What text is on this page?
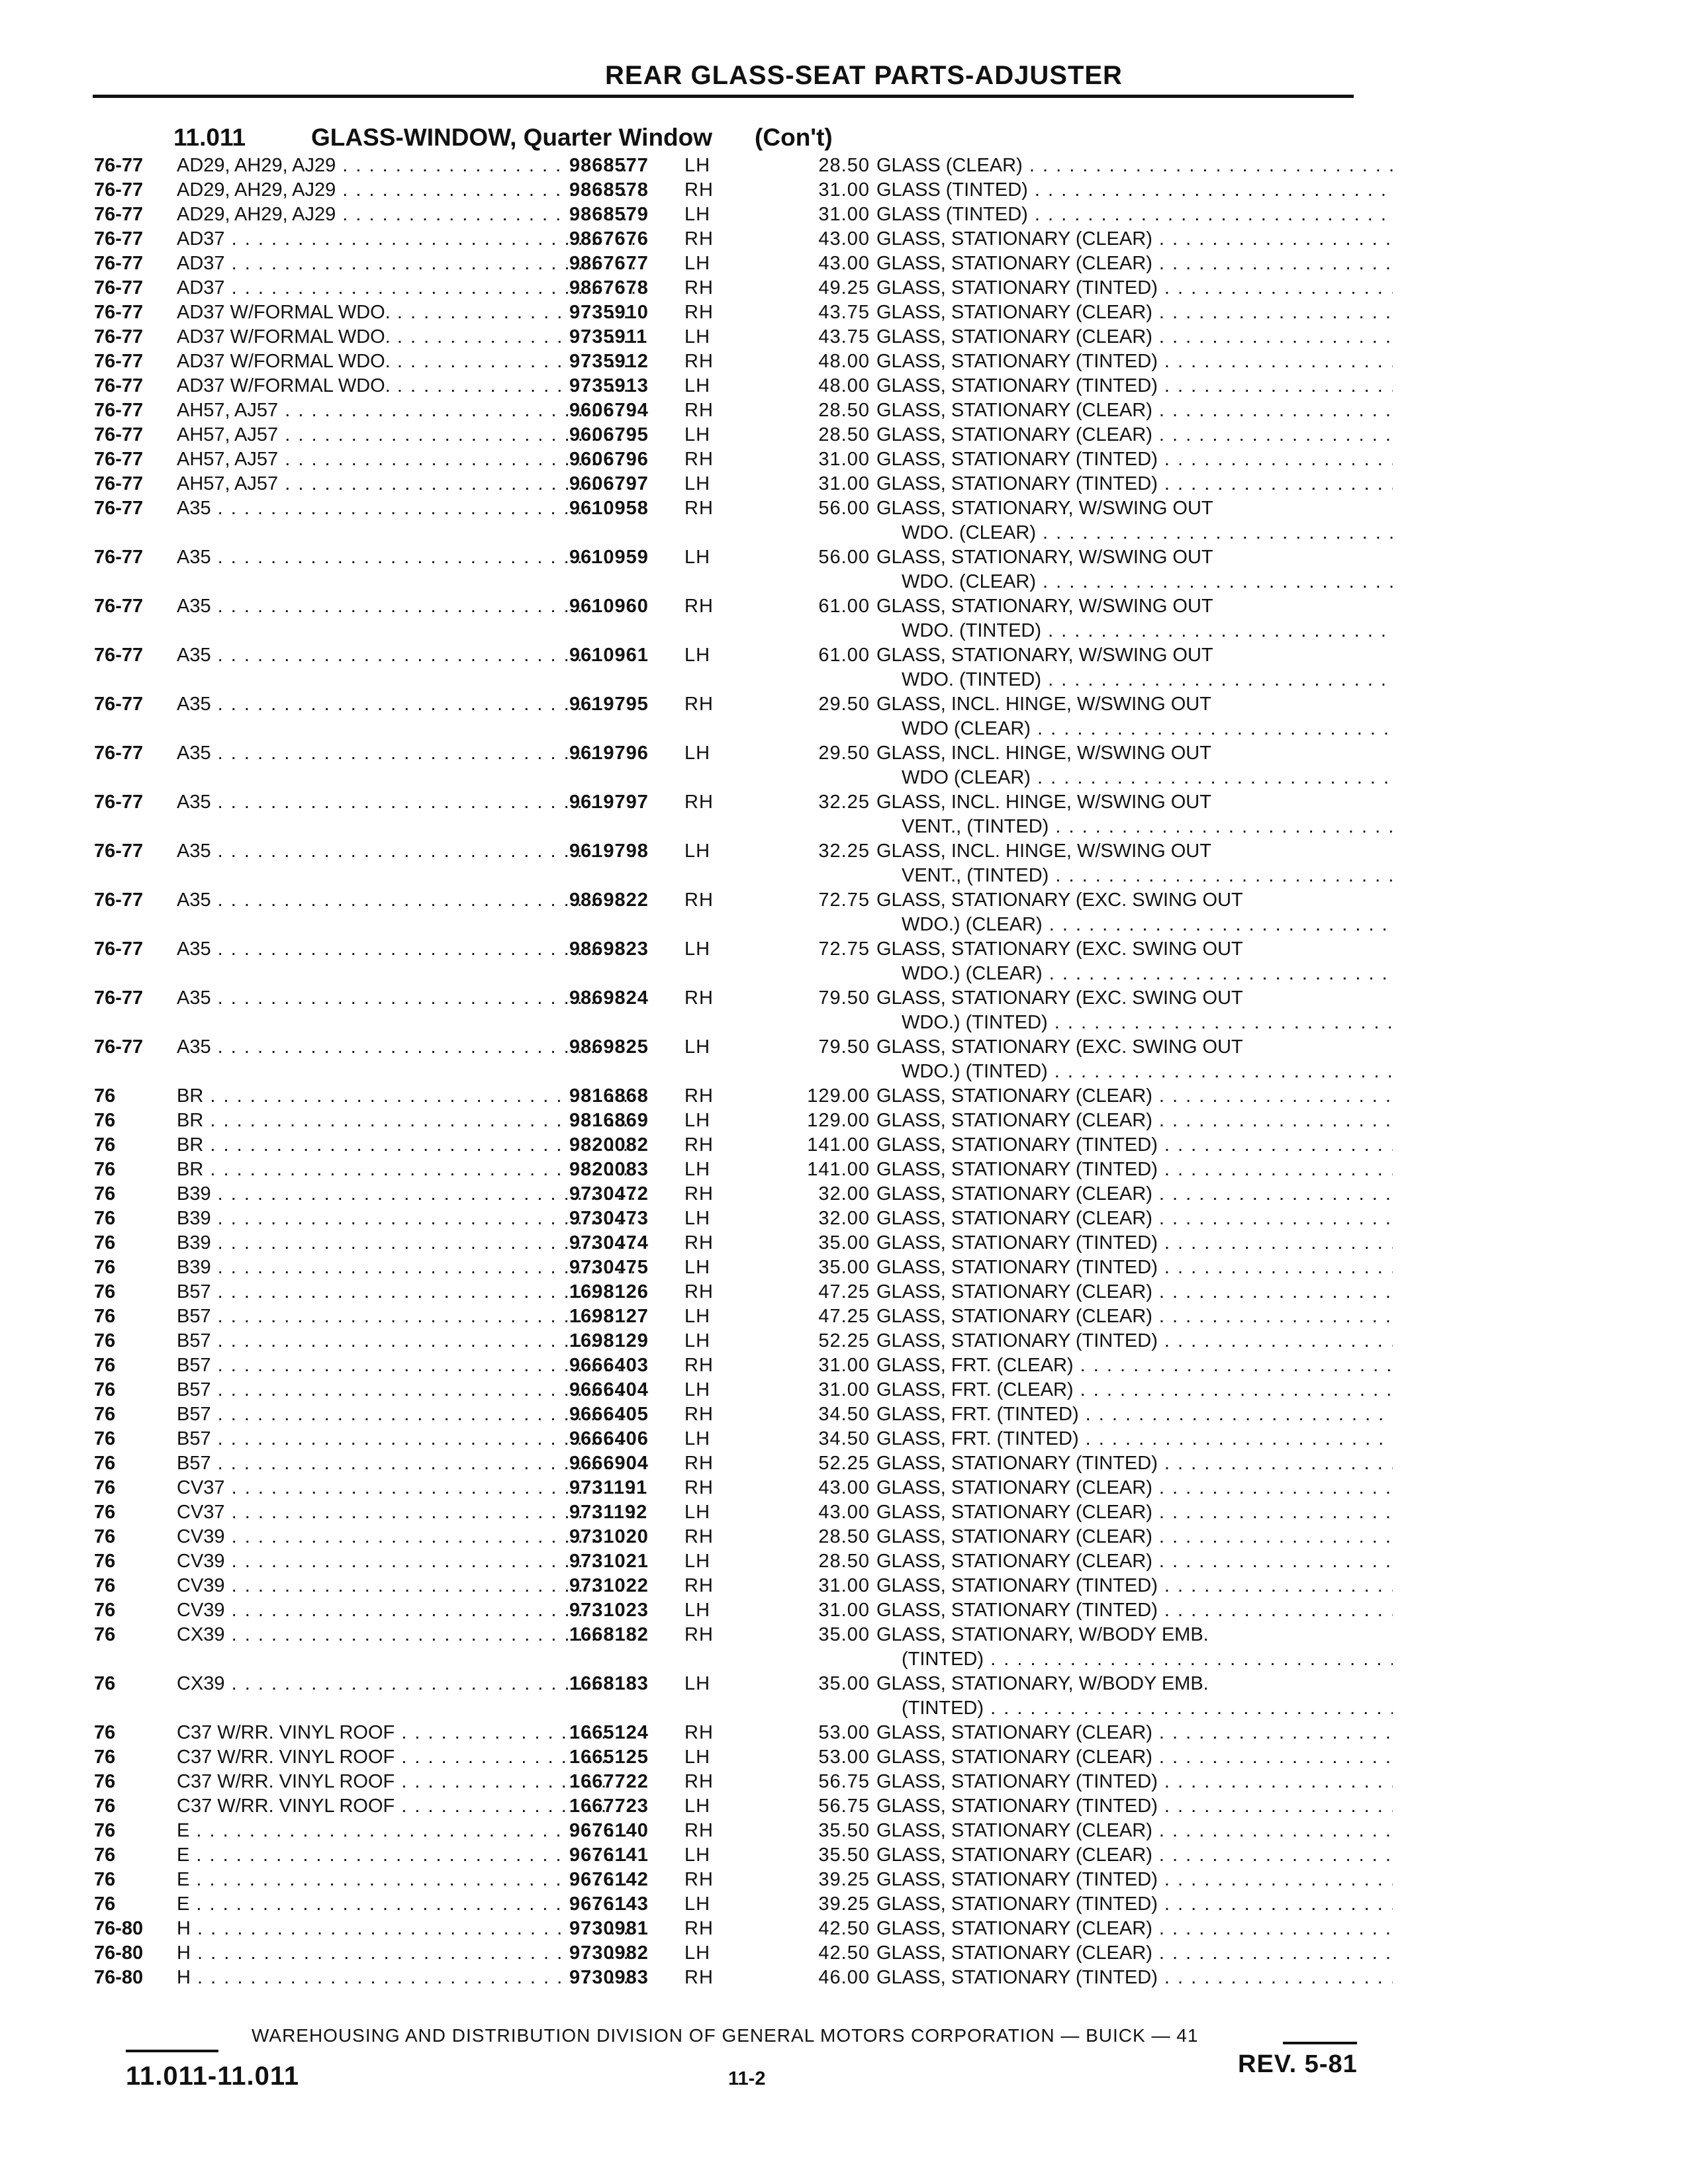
REAR GLASS-SEAT PARTS-ADJUSTER
11.011	GLASS-WINDOW, Quarter Window (Con't)
76-77 AD29, AH29, AJ29 . . .	9868577 LH	28.50 GLASS (CLEAR) . . .
76-77 AD29, AH29, AJ29 . . .	9868578 RH	31.00 GLASS (TINTED) . . .
76-77 AD29, AH29, AJ29 . . .	9868579 LH	31.00 GLASS (TINTED) . . .
76-77 AD37 . . .	9867676 RH	43.00 GLASS, STATIONARY (CLEAR) . . .
76-77 AD37 . . .	9867677 LH	43.00 GLASS, STATIONARY (CLEAR) . . .
76-77 AD37 . . .	9867678 RH	49.25 GLASS, STATIONARY (TINTED) . . .
76-77 AD37 W/FORMAL WDO. . . .	9735910 RH	43.75 GLASS, STATIONARY (CLEAR) . . .
76-77 AD37 W/FORMAL WDO. . . .	9735911 LH	43.75 GLASS, STATIONARY (CLEAR) . . .
76-77 AD37 W/FORMAL WDO. . . .	9735912 RH	48.00 GLASS, STATIONARY (TINTED) . . .
76-77 AD37 W/FORMAL WDO. . . .	9735913 LH	48.00 GLASS, STATIONARY (TINTED) . . .
76-77 AH57, AJ57 . . .	9606794 RH	28.50 GLASS, STATIONARY (CLEAR) . . .
76-77 AH57, AJ57 . . .	9606795 LH	28.50 GLASS, STATIONARY (CLEAR) . . .
76-77 AH57, AJ57 . . .	9606796 RH	31.00 GLASS, STATIONARY (TINTED) . . .
76-77 AH57, AJ57 . . .	9606797 LH	31.00 GLASS, STATIONARY (TINTED) . . .
76-77 A35 . . .	9610958 RH	56.00 GLASS, STATIONARY, W/SWING OUT
WDO. (CLEAR) . . .
76-77 A35 . . .	9610959 LH	56.00 GLASS, STATIONARY, W/SWING OUT
WDO. (CLEAR) . . .
76-77 A35 . . .	9610960 RH	61.00 GLASS, STATIONARY, W/SWING OUT
WDO. (TINTED) . . .
76-77 A35 . . .	9610961 LH	61.00 GLASS, STATIONARY, W/SWING OUT
WDO. (TINTED) . . .
76-77 A35 . . .	9619795 RH	29.50 GLASS, INCL. HINGE, W/SWING OUT
WDO (CLEAR) . . .
76-77 A35 . . .	9619796 LH	29.50 GLASS, INCL. HINGE, W/SWING OUT
WDO (CLEAR) . . .
76-77 A35 . . .	9619797 RH	32.25 GLASS, INCL. HINGE, W/SWING OUT
VENT., (TINTED) . . .
76-77 A35 . . .	9619798 LH	32.25 GLASS, INCL. HINGE, W/SWING OUT
VENT., (TINTED) . . .
76-77 A35 . . .	9869822 RH	72.75 GLASS, STATIONARY (EXC. SWING OUT
WDO.) (CLEAR) . . .
76-77 A35 . . .	9869823 LH	72.75 GLASS, STATIONARY (EXC. SWING OUT
WDO.) (CLEAR) . . .
76-77 A35 . . .	9869824 RH	79.50 GLASS, STATIONARY (EXC. SWING OUT
WDO.) (TINTED) . . .
76-77 A35 . . .	9869825 LH	79.50 GLASS, STATIONARY (EXC. SWING OUT
WDO.) (TINTED) . . .
76	BR . . .	9816868 RH	129.00 GLASS, STATIONARY (CLEAR) . . .
76	BR . . .	9816869 LH	129.00 GLASS, STATIONARY (CLEAR) . . .
76	BR . . .	9820082 RH	141.00 GLASS, STATIONARY (TINTED) . . .
76	BR . . .	9820083 LH	141.00 GLASS, STATIONARY (TINTED) . . .
76	B39 . . .	9730472 RH	32.00 GLASS, STATIONARY (CLEAR) . . .
76	B39 . . .	9730473 LH	32.00 GLASS, STATIONARY (CLEAR) . . .
76	B39 . . .	9730474 RH	35.00 GLASS, STATIONARY (TINTED) . . .
76	B39 . . .	9730475 LH	35.00 GLASS, STATIONARY (TINTED) . . .
76	B57 . . .	1698126 RH	47.25 GLASS, STATIONARY (CLEAR) . . .
76	B57 . . .	1698127 LH	47.25 GLASS, STATIONARY (CLEAR) . . .
76	B57 . . .	1698129 LH	52.25 GLASS, STATIONARY (TINTED) . . .
76	B57 . . .	9666403 RH	31.00 GLASS, FRT. (CLEAR) . . .
76	B57 . . .	9666404 LH	31.00 GLASS, FRT. (CLEAR) . . .
76	B57 . . .	9666405 RH	34.50 GLASS, FRT. (TINTED) . . .
76	B57 . . .	9666406 LH	34.50 GLASS, FRT. (TINTED) . . .
76	B57 . . .	9666904 RH	52.25 GLASS, STATIONARY (TINTED) . . .
76	CV37 . . .	9731191 RH	43.00 GLASS, STATIONARY (CLEAR) . . .
76	CV37 . . .	9731192 LH	43.00 GLASS, STATIONARY (CLEAR) . . .
76	CV39 . . .	9731020 RH	28.50 GLASS, STATIONARY (CLEAR) . . .
76	CV39 . . .	9731021 LH	28.50 GLASS, STATIONARY (CLEAR) . . .
76	CV39 . . .	9731022 RH	31.00 GLASS, STATIONARY (TINTED) . . .
76	CV39 . . .	9731023 LH	31.00 GLASS, STATIONARY (TINTED) . . .
76	CX39 . . .	1668182 RH	35.00 GLASS, STATIONARY, W/BODY EMB.
(TINTED) . . .
76	CX39 . . .	1668183 LH	35.00 GLASS, STATIONARY, W/BODY EMB.
(TINTED) . . .
76	C37 W/RR. VINYL ROOF . . .	1665124 RH	53.00 GLASS, STATIONARY (CLEAR) . . .
76	C37 W/RR. VINYL ROOF . . .	1665125 LH	53.00 GLASS, STATIONARY (CLEAR) . . .
76	C37 W/RR. VINYL ROOF . . .	1667722 RH	56.75 GLASS, STATIONARY (TINTED) . . .
76	C37 W/RR. VINYL ROOF . . .	1667723 LH	56.75 GLASS, STATIONARY (TINTED) . . .
76	E . . .	9676140 RH	35.50 GLASS, STATIONARY (CLEAR) . . .
76	E . . .	9676141 LH	35.50 GLASS, STATIONARY (CLEAR) . . .
76	E . . .	9676142 RH	39.25 GLASS, STATIONARY (TINTED) . . .
76	E . . .	9676143 LH	39.25 GLASS, STATIONARY (TINTED) . . .
76-80 H . . .	9730981 RH	42.50 GLASS, STATIONARY (CLEAR) . . .
76-80 H . . .	9730982 LH	42.50 GLASS, STATIONARY (CLEAR) . . .
76-80 H . . .	9730983 RH	46.00 GLASS, STATIONARY (TINTED) . . .
WAREHOUSING AND DISTRIBUTION DIVISION OF GENERAL MOTORS CORPORATION — BUICK — 41
11.011-11.011	11-2
REV. 5-81
